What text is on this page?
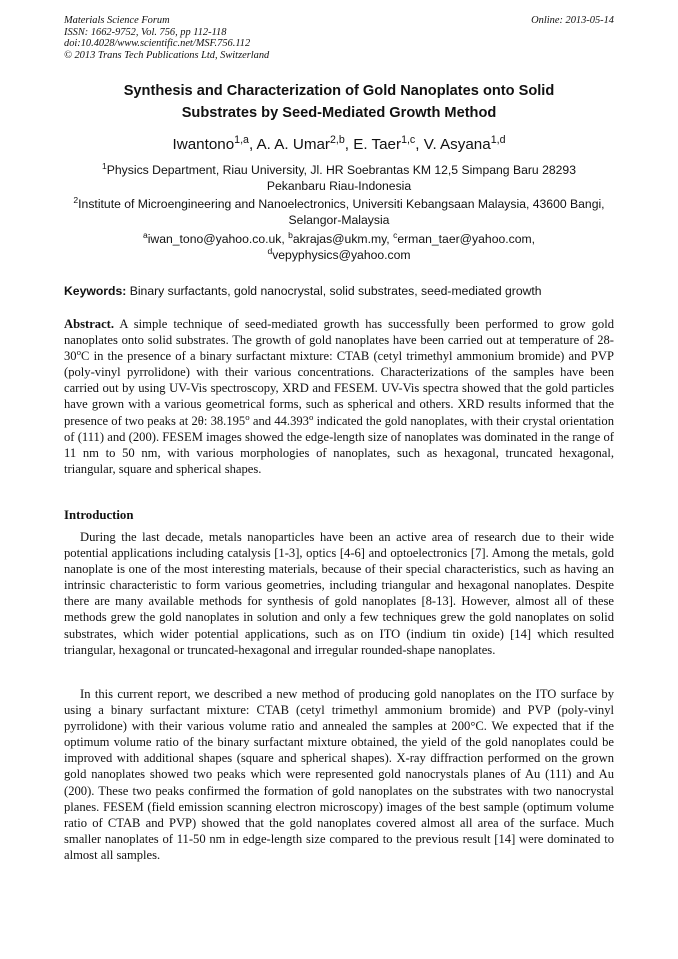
Materials Science Forum
ISSN: 1662-9752, Vol. 756, pp 112-118
doi:10.4028/www.scientific.net/MSF.756.112
© 2013 Trans Tech Publications Ltd, Switzerland
Online: 2013-05-14
Synthesis and Characterization of Gold Nanoplates onto Solid
Substrates by Seed-Mediated Growth Method
Iwantono$^{1,a}$, A. A. Umar$^{2,b}$, E. Taer$^{1,c}$, V. Asyana$^{1,d}$
$^1$Physics Department, Riau University, Jl. HR Soebrantas KM 12,5 Simpang Baru 28293
Pekanbaru Riau-Indonesia
$^2$Institute of Microengineering and Nanoelectronics, Universiti Kebangsaan Malaysia, 43600 Bangi,
Selangor-Malaysia
$^a$iwan_tono@yahoo.co.uk, $^b$akrajas@ukm.my, $^c$erman_taer@yahoo.com,
$^d$vepyphysics@yahoo.com
Keywords: Binary surfactants, gold nanocrystal, solid substrates, seed-mediated growth
Abstract. A simple technique of seed-mediated growth has successfully been performed to grow gold nanoplates onto solid substrates. The growth of gold nanoplates have been carried out at temperature of 28-30$^o$C in the presence of a binary surfactant mixture: CTAB (cetyl trimethyl ammonium bromide) and PVP (poly-vinyl pyrrolidone) with their various concentrations. Characterizations of the samples have been carried out by using UV-Vis spectroscopy, XRD and FESEM. UV-Vis spectra showed that the gold particles have grown with a various geometrical forms, such as spherical and others. XRD results informed that the presence of two peaks at 2θ: 38.195$^o$ and 44.393$^o$ indicated the gold nanoplates, with their crystal orientation of (111) and (200). FESEM images showed the edge-length size of nanoplates was dominated in the range of 11 nm to 50 nm, with various morphologies of nanoplates, such as hexagonal, truncated hexagonal, triangular, square and spherical shapes.
Introduction
During the last decade, metals nanoparticles have been an active area of research due to their wide potential applications including catalysis [1-3], optics [4-6] and optoelectronics [7]. Among the metals, gold nanoplate is one of the most interesting materials, because of their special characteristics, such as having an intrinsic characteristic to form various geometries, including triangular and hexagonal nanoplates. Despite there are many available methods for synthesis of gold nanoplates [8-13]. However, almost all of these methods grew the gold nanoplates in solution and only a few techniques grew the gold nanoplates on solid substrates, which wider potential applications, such as on ITO (indium tin oxide) [14] which resulted triangular, hexagonal or truncated-hexagonal and irregular rounded-shape nanoplates.
In this current report, we described a new method of producing gold nanoplates on the ITO surface by using a binary surfactant mixture: CTAB (cetyl trimethyl ammonium bromide) and PVP (poly-vinyl pyrrolidone) with their various volume ratio and annealed the samples at 200°C. We expected that if the optimum volume ratio of the binary surfactant mixture obtained, the yield of the gold nanoplates could be improved with additional shapes (square and spherical shapes). X-ray diffraction performed on the grown gold nanoplates showed two peaks which were represented gold nanocrystals planes of Au (111) and Au (200). These two peaks confirmed the formation of gold nanoplates on the substrates with two nanocrystal planes. FESEM (field emission scanning electron microscopy) images of the best sample (optimum volume ratio of CTAB and PVP) showed that the gold nanoplates covered almost all area of the surface. Much smaller nanoplates of 11-50 nm in edge-length size compared to the previous result [14] were dominated to almost all samples.
